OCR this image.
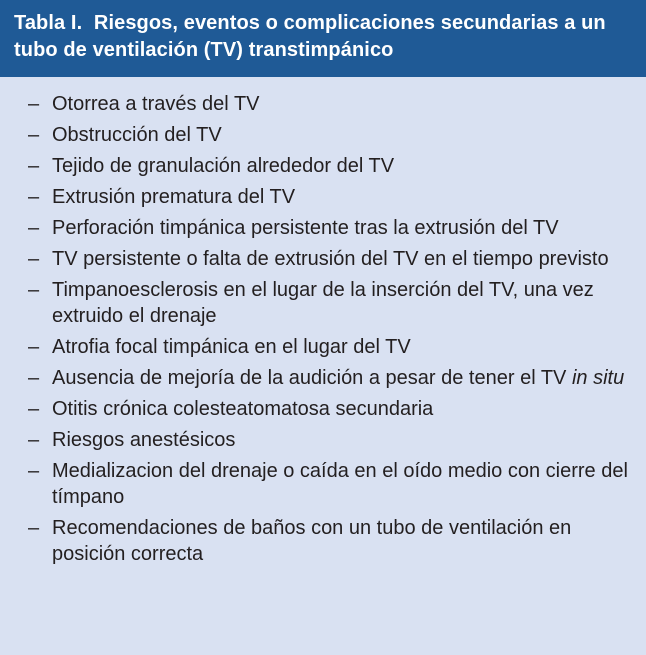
Tabla I. Riesgos, eventos o complicaciones secundarias a un tubo de ventilación (TV) transtimpánico
– Otorrea a través del TV
– Obstrucción del TV
– Tejido de granulación alrededor del TV
– Extrusión prematura del TV
– Perforación timpánica persistente tras la extrusión del TV
– TV persistente o falta de extrusión del TV en el tiempo previsto
– Timpanoesclerosis en el lugar de la inserción del TV, una vez extruido el drenaje
– Atrofia focal timpánica en el lugar del TV
– Ausencia de mejoría de la audición a pesar de tener el TV in situ
– Otitis crónica colesteatomatosa secundaria
– Riesgos anestésicos
– Medializacion del drenaje o caída en el oído medio con cierre del tímpano
– Recomendaciones de baños con un tubo de ventilación en posición correcta
